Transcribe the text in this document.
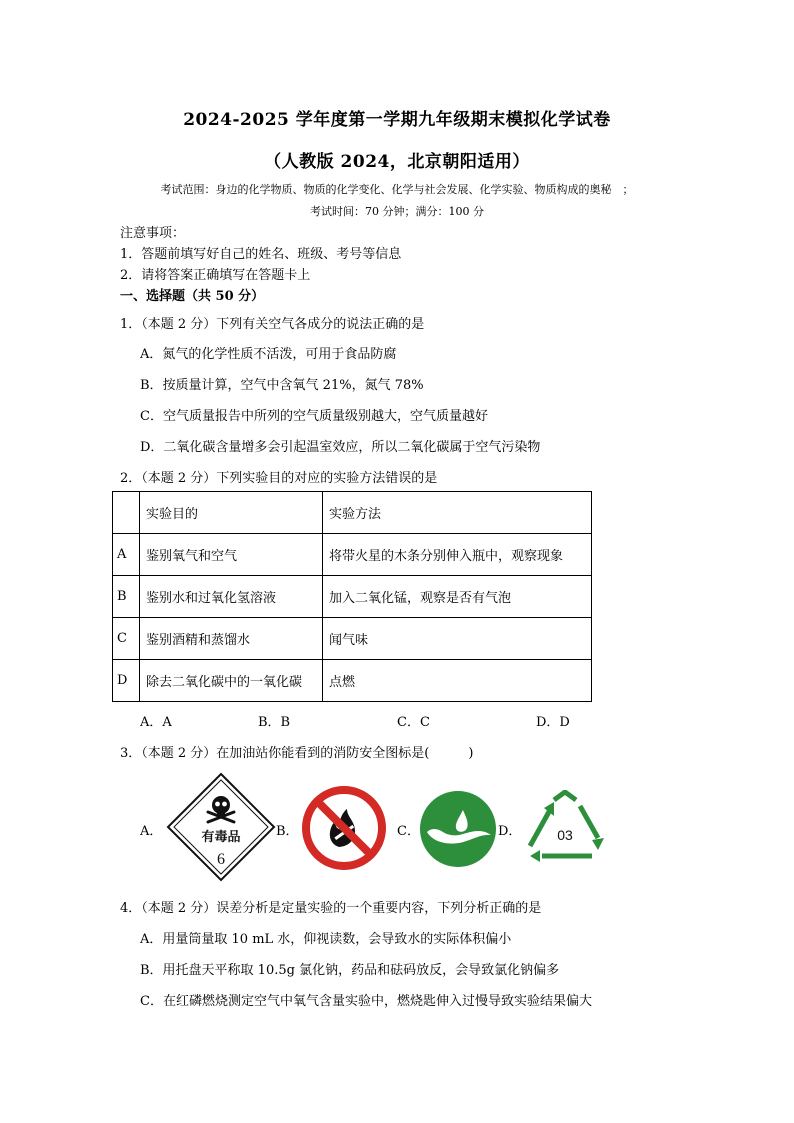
2024-2025 学年度第一学期九年级期末模拟化学试卷
（人教版 2024，北京朝阳适用）
考试范围：身边的化学物质、物质的化学变化、化学与社会发展、化学实验、物质构成的奥秘　；
考试时间：70 分钟；满分：100 分
注意事项：
1．答题前填写好自己的姓名、班级、考号等信息
2．请将答案正确填写在答题卡上
一、选择题（共 50 分）
1．（本题 2 分）下列有关空气各成分的说法正确的是
A．氮气的化学性质不活泼，可用于食品防腐
B．按质量计算，空气中含氧气 21%，氮气 78%
C．空气质量报告中所列的空气质量级别越大，空气质量越好
D．二氧化碳含量增多会引起温室效应，所以二氧化碳属于空气污染物
2．（本题 2 分）下列实验目的对应的实验方法错误的是
	实验目的	实验方法
A	鉴别氧气和空气	将带火星的木条分别伸入瓶中，观察现象
B	鉴别水和过氧化氢溶液	加入二氧化锰，观察是否有气泡
C	鉴别酒精和蒸馏水	闻气味
D	除去二氧化碳中的一氧化碳	点燃
A．A	B．B	C．C	D．D
3．（本题 2 分）在加油站你能看到的消防安全图标是(　　　)
A．	B．	C．	D．
有毒品
6
03
4．（本题 2 分）误差分析是定量实验的一个重要内容，下列分析正确的是
A．用量筒量取 10 mL 水，仰视读数，会导致水的实际体积偏小
B．用托盘天平称取 10.5g 氯化钠，药品和砝码放反，会导致氯化钠偏多
C．在红磷燃烧测定空气中氧气含量实验中，燃烧匙伸入过慢导致实验结果偏大
